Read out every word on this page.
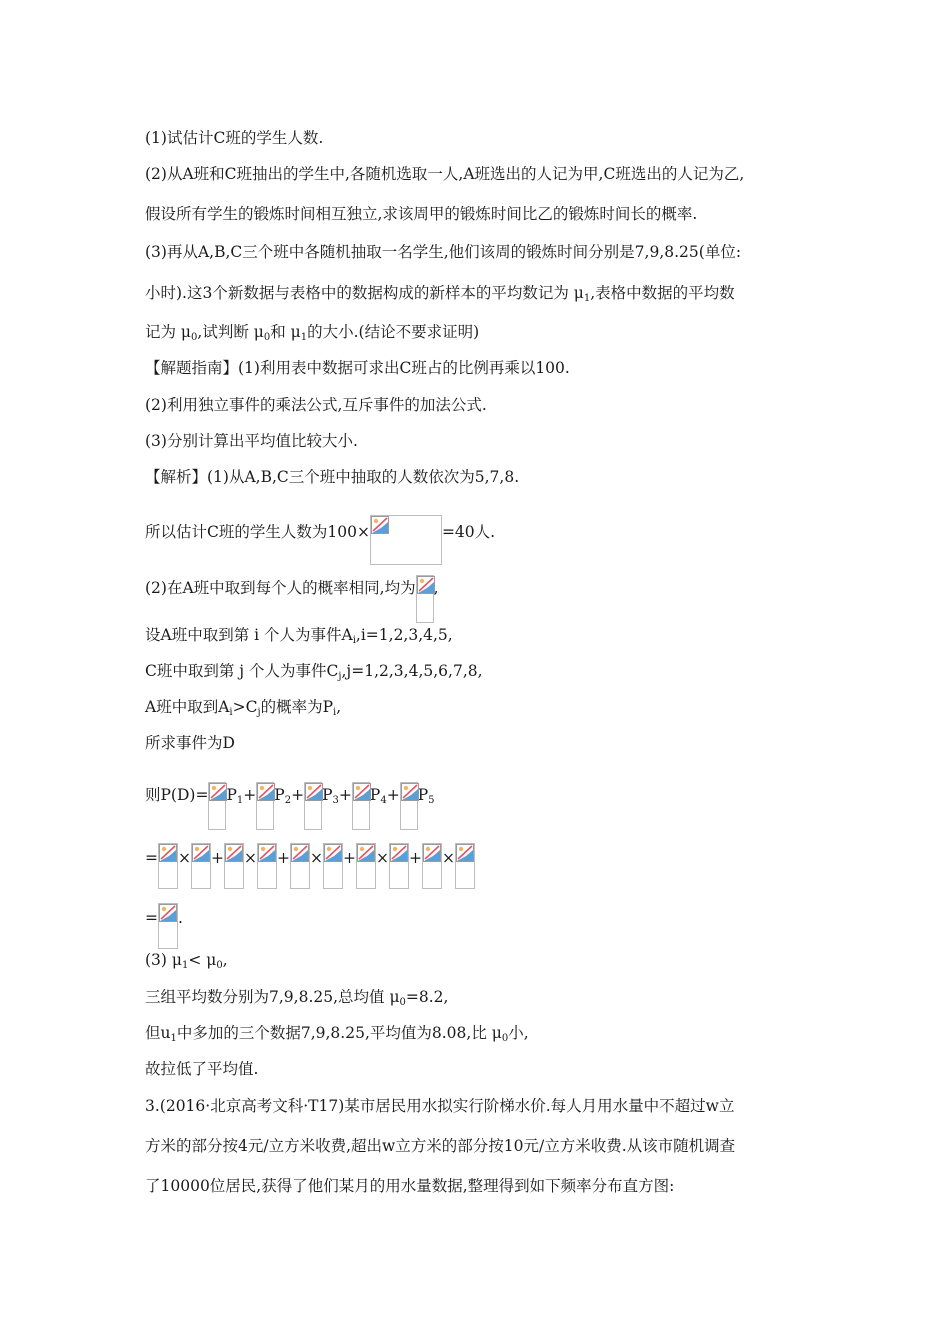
(1)试估计C班的学生人数.
(2)从A班和C班抽出的学生中,各随机选取一人,A班选出的人记为甲,C班选出的人记为乙,
假设所有学生的锻炼时间相互独立,求该周甲的锻炼时间比乙的锻炼时间长的概率.
(3)再从A,B,C三个班中各随机抽取一名学生,他们该周的锻炼时间分别是7,9,8.25(单位:
小时).这3个新数据与表格中的数据构成的新样本的平均数记为 $\mu_1$,表格中数据的平均数
记为 $\mu_0$,试判断 $\mu_0$和 $\mu_1$的大小.(结论不要求证明)
【解题指南】(1)利用表中数据可求出C班占的比例再乘以100.
(2)利用独立事件的乘法公式,互斥事件的加法公式.
(3)分别计算出平均值比较大小.
【解析】(1)从A,B,C三个班中抽取的人数依次为5,7,8.
所以估计C班的学生人数为100×	=40人.
(2)在A班中取到每个人的概率相同,均为 ,
设A班中取到第 i 个人为事件$A_i,i=1,2,3,4,5$,
C班中取到第 j 个人为事件$C_j,j=1,2,3,4,5,6,7,8$,
A班中取到$A_i>C_j$的概率为$P_i$,
所求事件为D
则$P(D)= P_1+ P_2+ P_3+ P_4+ P_5$
= × + × + × + × + ×
= .
(3) $\mu_1< \mu_0$,
三组平均数分别为7,9,8.25,总均值 $\mu_0=8.2$,
但$u_1$中多加的三个数据7,9,8.25,平均值为8.08,比 $\mu_0$小,
故拉低了平均值.
3.(2016·北京高考文科·T17)某市居民用水拟实行阶梯水价.每人月用水量中不超过w立
方米的部分按4元/立方米收费,超出w立方米的部分按10元/立方米收费.从该市随机调查
了10000位居民,获得了他们某月的用水量数据,整理得到如下频率分布直方图:
